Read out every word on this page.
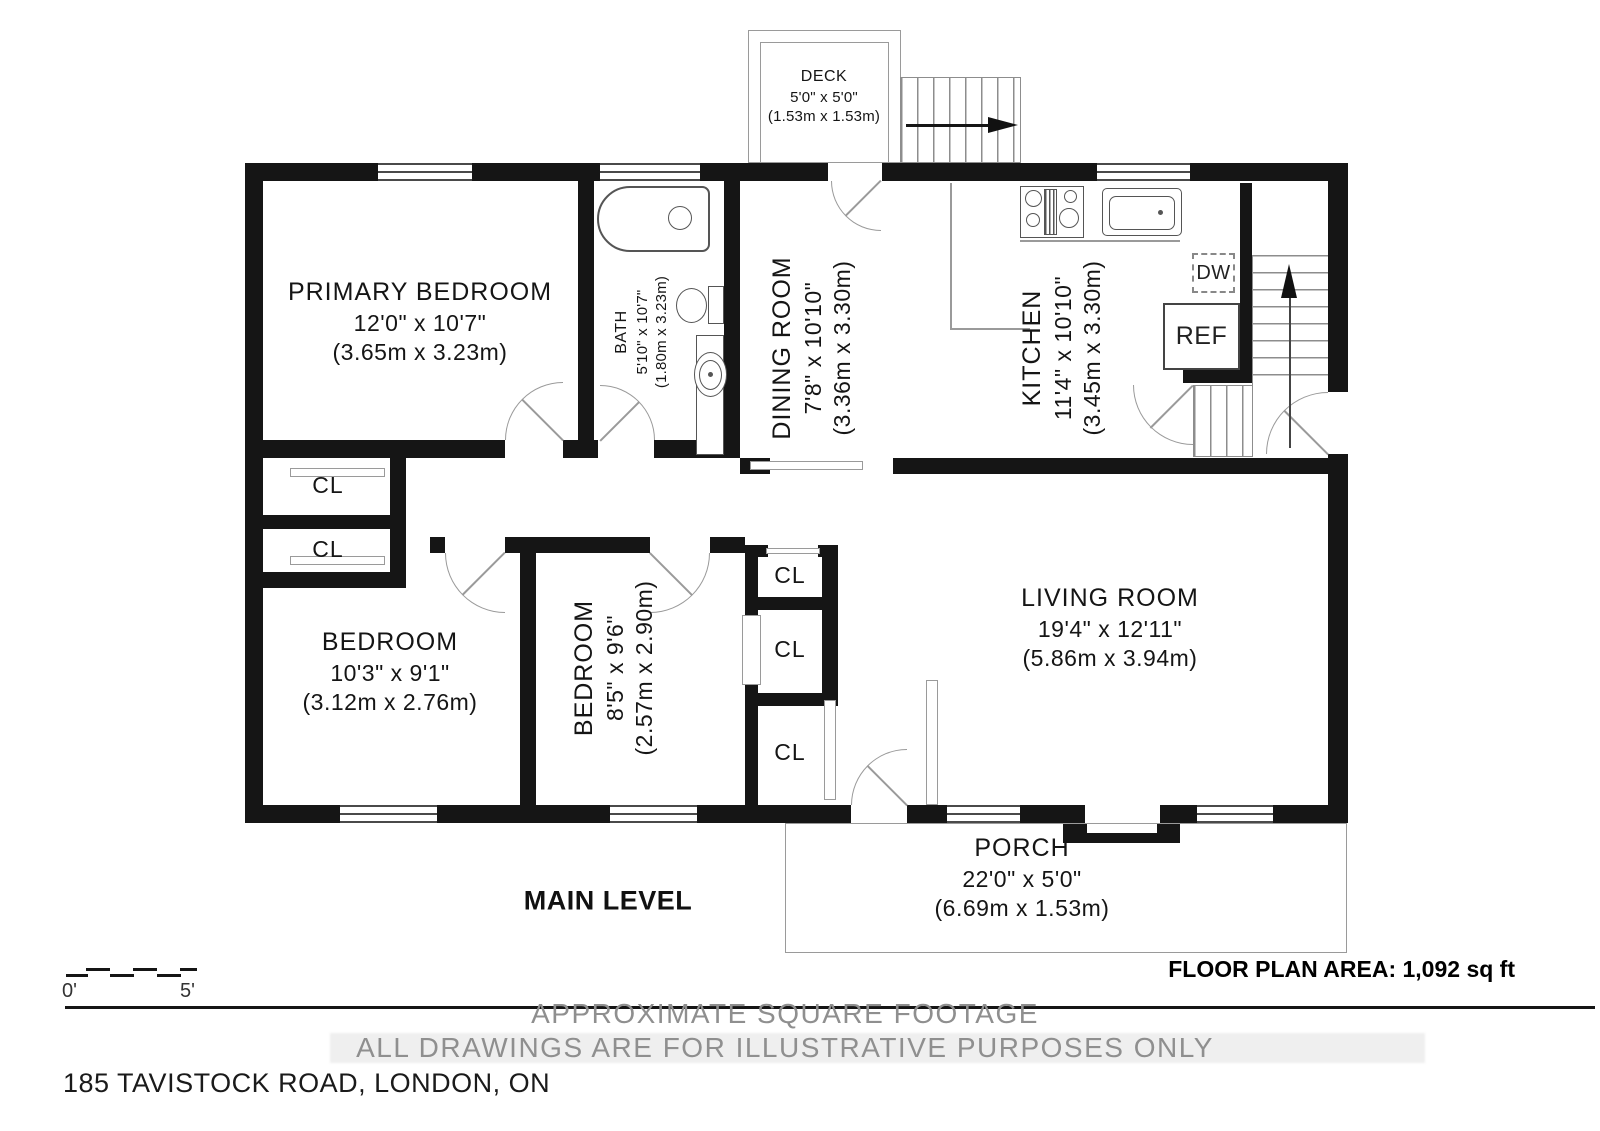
DECK
5'0" x 5'0"
(1.53m x 1.53m)
DW
REF
PRIMARY BEDROOM
12'0" x 10'7"
(3.65m x 3.23m)	BATH 5'10" x 10'7" (1.80m x 3.23m)	DINING ROOM 7'8" x 10'10" (3.36m x 3.30m)	KITCHEN 11'4" x 10'10" (3.45m x 3.30m)
BEDROOM
10'3" x 9'1"
(3.12m x 2.76m)	BEDROOM 8'5" x 9'6" (2.57m x 2.90m)	LIVING ROOM
19'4" x 12'11"
(5.86m x 3.94m)
PORCH
22'0" x 5'0"
(6.69m x 1.53m)
CL
CL
CL
CL
CL
MAIN LEVEL
0'	5'
FLOOR PLAN AREA: 1,092 sq ft
APPROXIMATE SQUARE FOOTAGE
ALL DRAWINGS ARE FOR ILLUSTRATIVE PURPOSES ONLY
185 TAVISTOCK ROAD, LONDON, ON
